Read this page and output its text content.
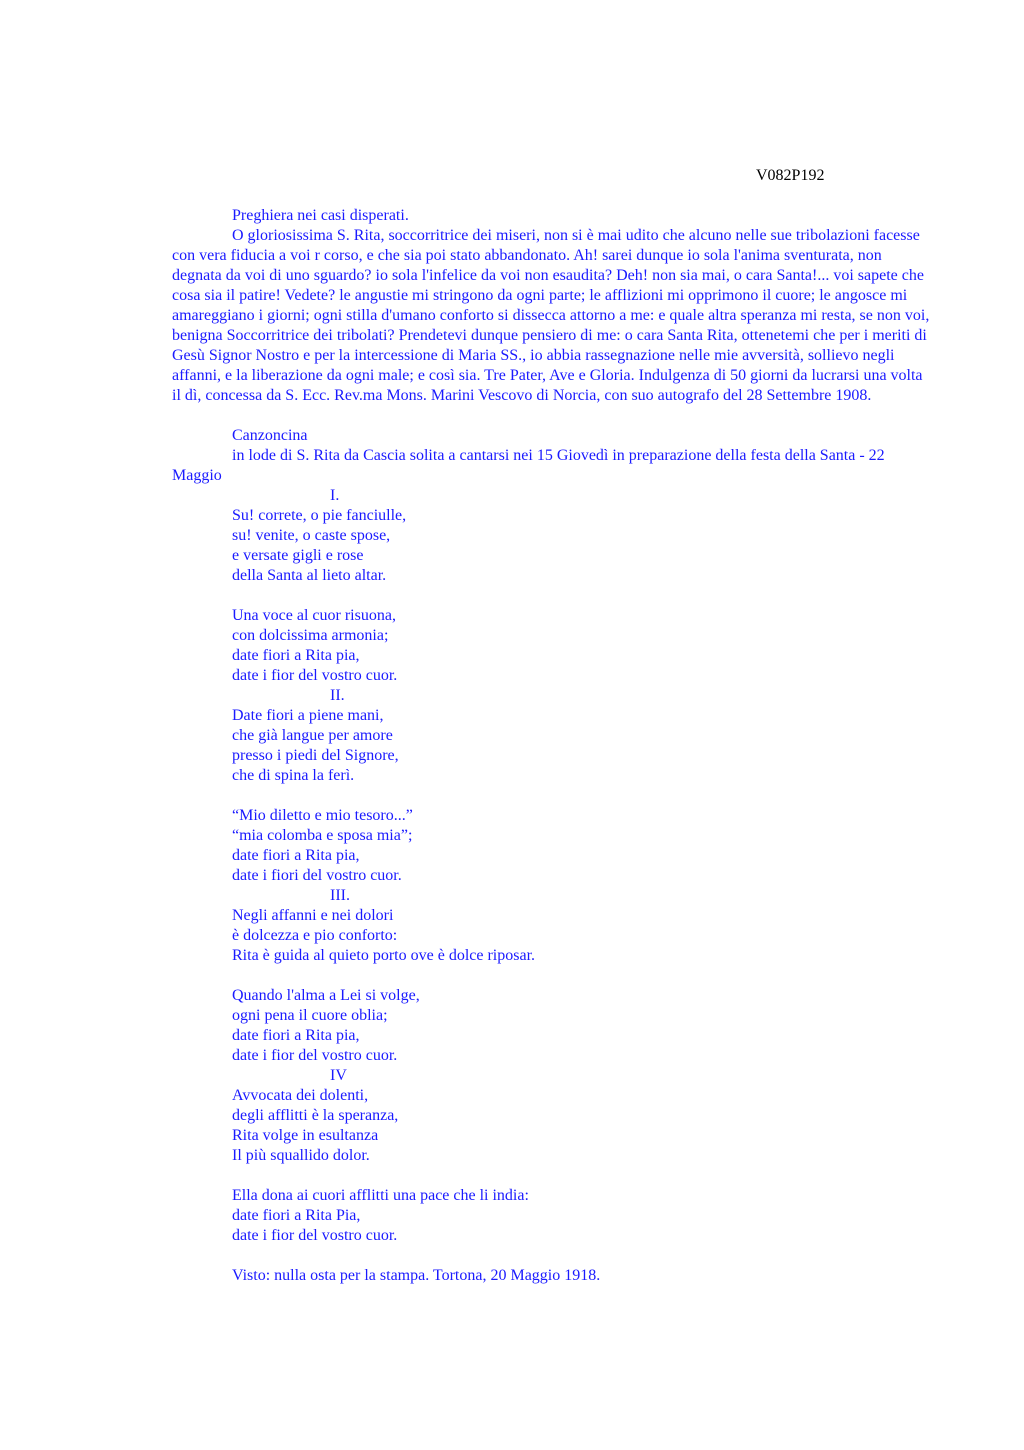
V082P192

Preghiera nei casi disperati.

O gloriosissima S. Rita, soccorritrice dei miseri, non si è mai udito che alcuno nelle sue tribolazioni facesse con vera fiducia a voi r corso, e che sia poi stato abbandonato. Ah! sarei dunque io sola l'anima sventurata, non degnata da voi di uno sguardo? io sola l'infelice da voi non esaudita? Deh! non sia mai, o cara Santa!... voi sapete che cosa sia il patire! Vedete? le angustie mi stringono da ogni parte; le afflizioni mi opprimono il cuore; le angosce mi amareggiano i giorni; ogni stilla d'umano conforto si dissecca attorno a me: e quale altra speranza mi resta, se non voi, benigna Soccorritrice dei tribolati? Prendetevi dunque pensiero di me: o cara Santa Rita, ottenetemi che per i meriti di Gesù Signor Nostro e per la intercessione di Maria SS., io abbia rassegnazione nelle mie avversità, sollievo negli affanni, e la liberazione da ogni male; e così sia. Tre Pater, Ave e Gloria. Indulgenza di 50 giorni da lucrarsi una volta il dì, concessa da S. Ecc. Rev.ma Mons. Marini Vescovo di Norcia, con suo autografo del 28 Settembre 1908.

Canzoncina

in lode di S. Rita da Cascia solita a cantarsi nei 15 Giovedì in preparazione della festa della Santa - 22 Maggio

I.

Su! correte, o pie fanciulle,

su! venite, o caste spose,

e versate gigli e rose

della Santa al lieto altar.

Una voce al cuor risuona,

con dolcissima armonia;

date fiori a Rita pia,

date i fior del vostro cuor.

II.

Date fiori a piene mani,

che già langue per amore

presso i piedi del Signore,

che di spina la ferì.

“Mio diletto e mio tesoro...”

“mia colomba e sposa mia”;

date fiori a Rita pia,

date i fiori del vostro cuor.

III.

Negli affanni e nei dolori

è dolcezza e pio conforto:

Rita è guida al quieto porto ove è dolce riposar.

Quando l'alma a Lei si volge,

ogni pena il cuore oblia;

date fiori a Rita pia,

date i fior del vostro cuor.

IV

Avvocata dei dolenti,

degli afflitti è la speranza,

Rita volge in esultanza

Il più squallido dolor.

Ella dona ai cuori afflitti una pace che li india:

date fiori a Rita Pia,

date i fior del vostro cuor.

Visto: nulla osta per la stampa. Tortona, 20 Maggio 1918.
